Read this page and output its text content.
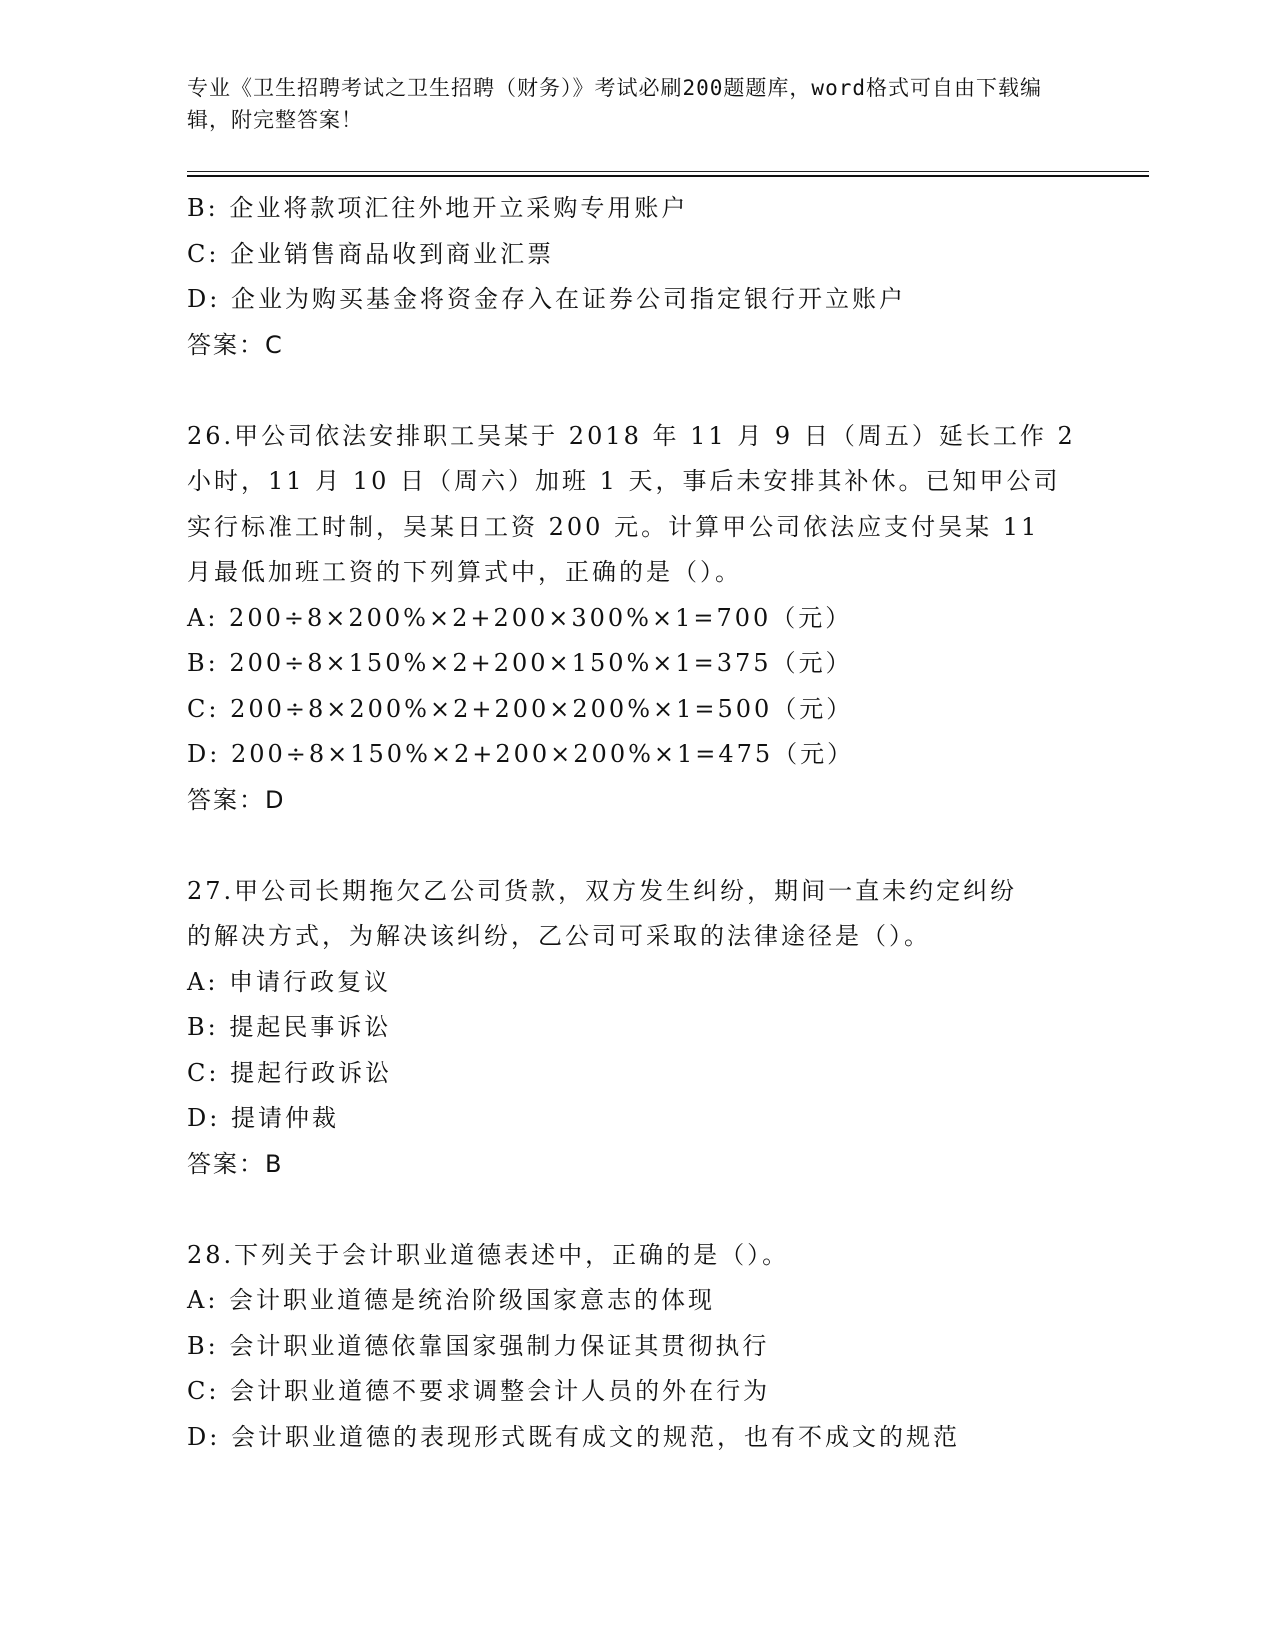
专业《卫生招聘考试之卫生招聘（财务）》考试必刷200题题库，word格式可自由下载编辑，附完整答案！
B: 企业将款项汇往外地开立采购专用账户
C: 企业销售商品收到商业汇票
D: 企业为购买基金将资金存入在证券公司指定银行开立账户
答案：C
26.甲公司依法安排职工吴某于 2018 年 11 月 9 日（周五）延长工作 2
小时，11 月 10 日（周六）加班 1 天，事后未安排其补休。已知甲公司
实行标准工时制，吴某日工资 200 元。计算甲公司依法应支付吴某 11
月最低加班工资的下列算式中，正确的是（）。
A: 200÷8×200%×2+200×300%×1=700（元）
B: 200÷8×150%×2+200×150%×1=375（元）
C: 200÷8×200%×2+200×200%×1=500（元）
D: 200÷8×150%×2+200×200%×1=475（元）
答案：D
27.甲公司长期拖欠乙公司货款，双方发生纠纷，期间一直未约定纠纷
的解决方式，为解决该纠纷，乙公司可采取的法律途径是（）。
A: 申请行政复议
B: 提起民事诉讼
C: 提起行政诉讼
D: 提请仲裁
答案：B
28.下列关于会计职业道德表述中，正确的是（）。
A: 会计职业道德是统治阶级国家意志的体现
B: 会计职业道德依靠国家强制力保证其贯彻执行
C: 会计职业道德不要求调整会计人员的外在行为
D: 会计职业道德的表现形式既有成文的规范，也有不成文的规范
